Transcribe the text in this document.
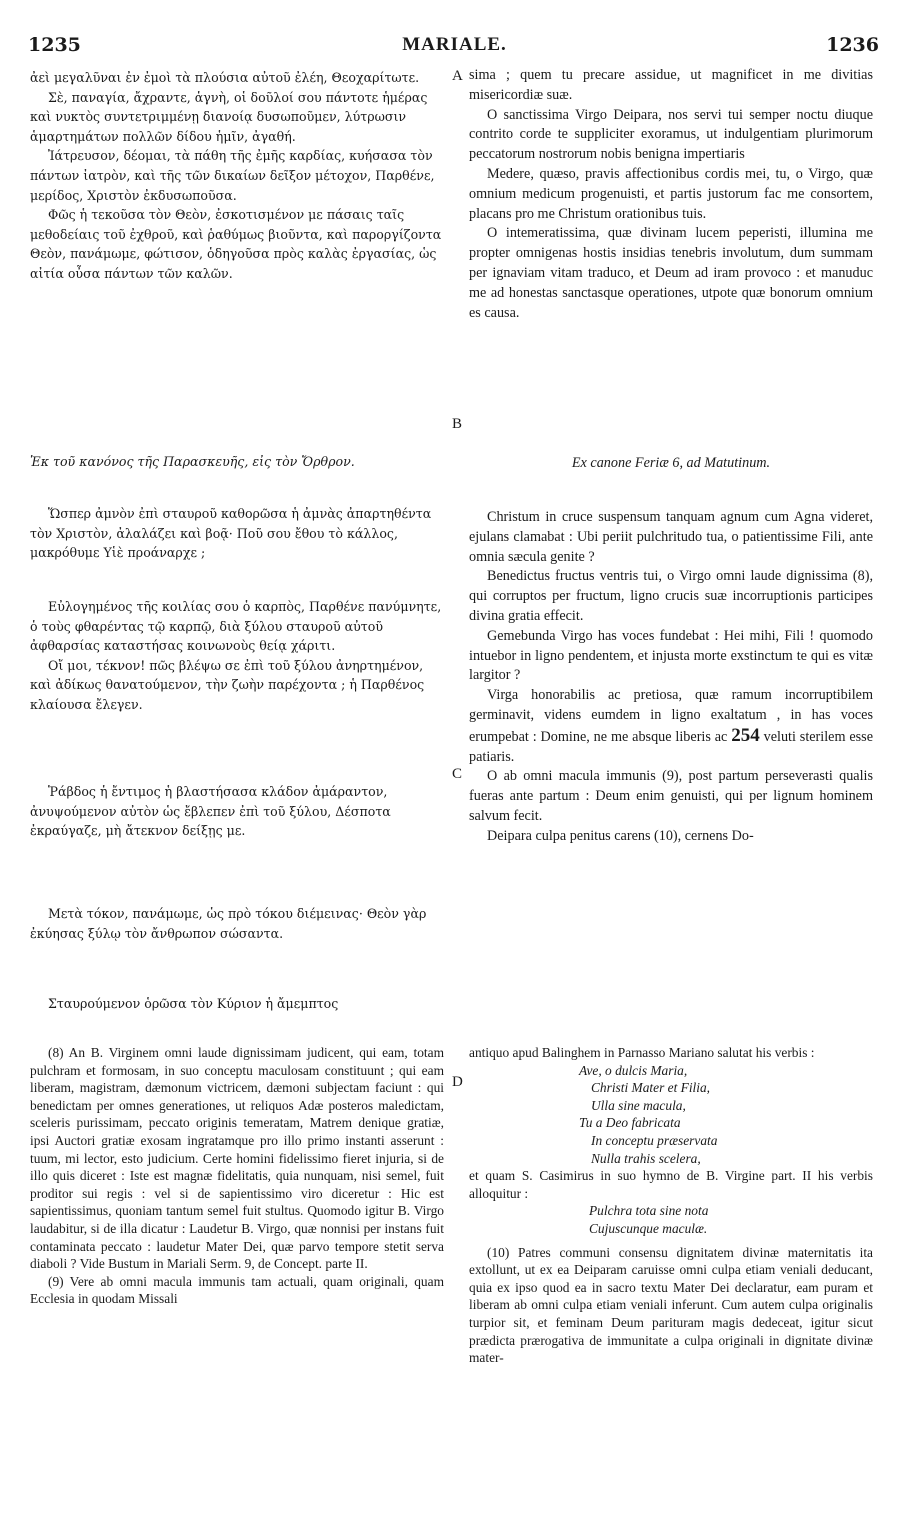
MARIALE.
1235	1236
A
B
C
D

ἀεὶ μεγαλῦναι ἐν ἐμοὶ τὰ πλούσια αὐτοῦ ἐλέη, Θεοχαρίτωτε.

Σὲ, παναγία, ἄχραντε, ἁγνὴ, οἱ δοῦλοί σου πάντοτε ἡμέρας καὶ νυκτὸς συντετριμμένῃ διανοίᾳ δυσωποῦμεν, λύτρωσιν ἁμαρτημάτων πολλῶν δίδου ἡμῖν, ἀγαθή.

Ἰάτρευσον, δέομαι, τὰ πάθη τῆς ἐμῆς καρδίας, κυήσασα τὸν πάντων ἰατρὸν, καὶ τῆς τῶν δικαίων δεῖξον μέτοχον, Παρθένε, μερίδος, Χριστὸν ἐκδυσωποῦσα.

Φῶς ἡ τεκοῦσα τὸν Θεὸν, ἐσκοτισμένον με πάσαις ταῖς μεθοδείαις τοῦ ἐχθροῦ, καὶ ῥαθύμως βιοῦντα, καὶ παροργίζοντα Θεὸν, πανάμωμε, φώτισον, ὁδηγοῦσα πρὸς καλὰς ἐργασίας, ὡς αἰτία οὖσα πάντων τῶν καλῶν.

Ἐκ τοῦ κανόνος τῆς Παρασκευῆς, εἰς τὸν Ὄρθρον.

Ὥσπερ ἀμνὸν ἐπὶ σταυροῦ καθορῶσα ἡ ἀμνὰς ἀπαρτηθέντα τὸν Χριστὸν, ἀλαλάζει καὶ βοᾷ· Ποῦ σου ἔθου τὸ κάλλος, μακρόθυμε Υἱὲ προάναρχε ;

Εὐλογημένος τῆς κοιλίας σου ὁ καρπὸς, Παρθένε πανύμνητε, ὁ τοὺς φθαρέντας τῷ καρπῷ, διὰ ξύλου σταυροῦ αὐτοῦ ἀφθαρσίας καταστήσας κοινωνοὺς θείᾳ χάριτι.

Οἴ μοι, τέκνον! πῶς βλέψω σε ἐπὶ τοῦ ξύλου ἀνηρτημένον, καὶ ἀδίκως θανατούμενον, τὴν ζωὴν παρέχοντα ; ἡ Παρθένος κλαίουσα ἔλεγεν.

Ῥάβδος ἡ ἔντιμος ἡ βλαστήσασα κλάδον ἀμάραντον, ἀνυψούμενον αὐτὸν ὡς ἔβλεπεν ἐπὶ τοῦ ξύλου, Δέσποτα ἐκραύγαζε, μὴ ἄτεκνον δείξῃς με.

Μετὰ τόκον, πανάμωμε, ὡς πρὸ τόκου διέμεινας· Θεὸν γὰρ ἐκύησας ξύλῳ τὸν ἄνθρωπον σώσαντα.

Σταυρούμενον ὁρῶσα τὸν Κύριον ἡ ἄμεμπτος

sima ; quem tu precare assidue, ut magnificet in me divitias misericordiæ suæ.

O sanctissima Virgo Deipara, nos servi tui semper noctu diuque contrito corde te suppliciter exoramus, ut indulgentiam plurimorum peccatorum nostrorum nobis benigna impertiaris

Medere, quæso, pravis affectionibus cordis mei, tu, o Virgo, quæ omnium medicum progenuisti, et partis justorum fac me consortem, placans pro me Christum orationibus tuis.

O intemeratissima, quæ divinam lucem peperisti, illumina me propter omnigenas hostis insidias tenebris involutum, dum summam per ignaviam vitam traduco, et Deum ad iram provoco : et manuduc me ad honestas sanctasque operationes, utpote quæ bonorum omnium es causa.

Ex canone Feriæ 6, ad Matutinum.

Christum in cruce suspensum tanquam agnum cum Agna videret, ejulans clamabat : Ubi periit pulchritudo tua, o patientissime Fili, ante omnia sæcula genite ?

Benedictus fructus ventris tui, o Virgo omni laude dignissima (8), qui corruptos per fructum, ligno crucis suæ incorruptionis participes divina gratia effecit.

Gemebunda Virgo has voces fundebat : Hei mihi, Fili ! quomodo intuebor in ligno pendentem, et injusta morte exstinctum te qui es vitæ largitor ?

Virga honorabilis ac pretiosa, quæ ramum incorruptibilem germinavit, videns eumdem in ligno exaltatum , in has voces erumpebat : Domine, ne me absque liberis ac 254 veluti sterilem esse patiaris.

O ab omni macula immunis (9), post partum perseverasti qualis fueras ante partum : Deum enim genuisti, qui per lignum hominem salvum fecit.

Deipara culpa penitus carens (10), cernens Do-

(8) An B. Virginem omni laude dignissimam judicent, qui eam, totam pulchram et formosam, in suo conceptu maculosam constituunt ; qui eam liberam, magistram, dæmonum victricem, dæmoni subjectam faciunt : qui benedictam per omnes generationes, ut reliquos Adæ posteros maledictam, sceleris purissimam, peccato originis temeratam, Matrem denique gratiæ, ipsi Auctori gratiæ exosam ingratamque pro illo primo instanti asserunt : tuum, mi lector, esto judicium. Certe homini fidelissimo fieret injuria, si de illo quis diceret : Iste est magnæ fidelitatis, quia nunquam, nisi semel, fuit proditor sui regis : vel si de sapientissimo viro diceretur : Hic est sapientissimus, quoniam tantum semel fuit stultus. Quomodo igitur B. Virgo laudabitur, si de illa dicatur : Laudetur B. Virgo, quæ nonnisi per instans fuit contaminata peccato : laudetur Mater Dei, quæ parvo tempore stetit serva diaboli ? Vide Bustum in Mariali Serm. 9, de Concept. parte II.

(9) Vere ab omni macula immunis tam actuali, quam originali, quam Ecclesia in quodam Missali

antiquo apud Balinghem in Parnasso Mariano salutat his verbis :

Ave, o dulcis Maria,
Christi Mater et Filia,
Ulla sine macula,
Tu a Deo fabricata
In conceptu præservata
Nulla trahis scelera,

et quam S. Casimirus in suo hymno de B. Virgine part. II his verbis alloquitur :

Pulchra tota sine nota
Cujuscunque maculæ.

(10) Patres communi consensu dignitatem divinæ maternitatis ita extollunt, ut ex ea Deiparam caruisse omni culpa etiam veniali deducant, quia ex ipso quod ea in sacro textu Mater Dei declaratur, eam puram et liberam ab omni culpa etiam veniali inferunt. Cum autem culpa originalis turpior sit, et feminam Deum parituram magis dedeceat, igitur sicut prædicta prærogativa de immunitate a culpa originali in dignitate divinæ mater-
